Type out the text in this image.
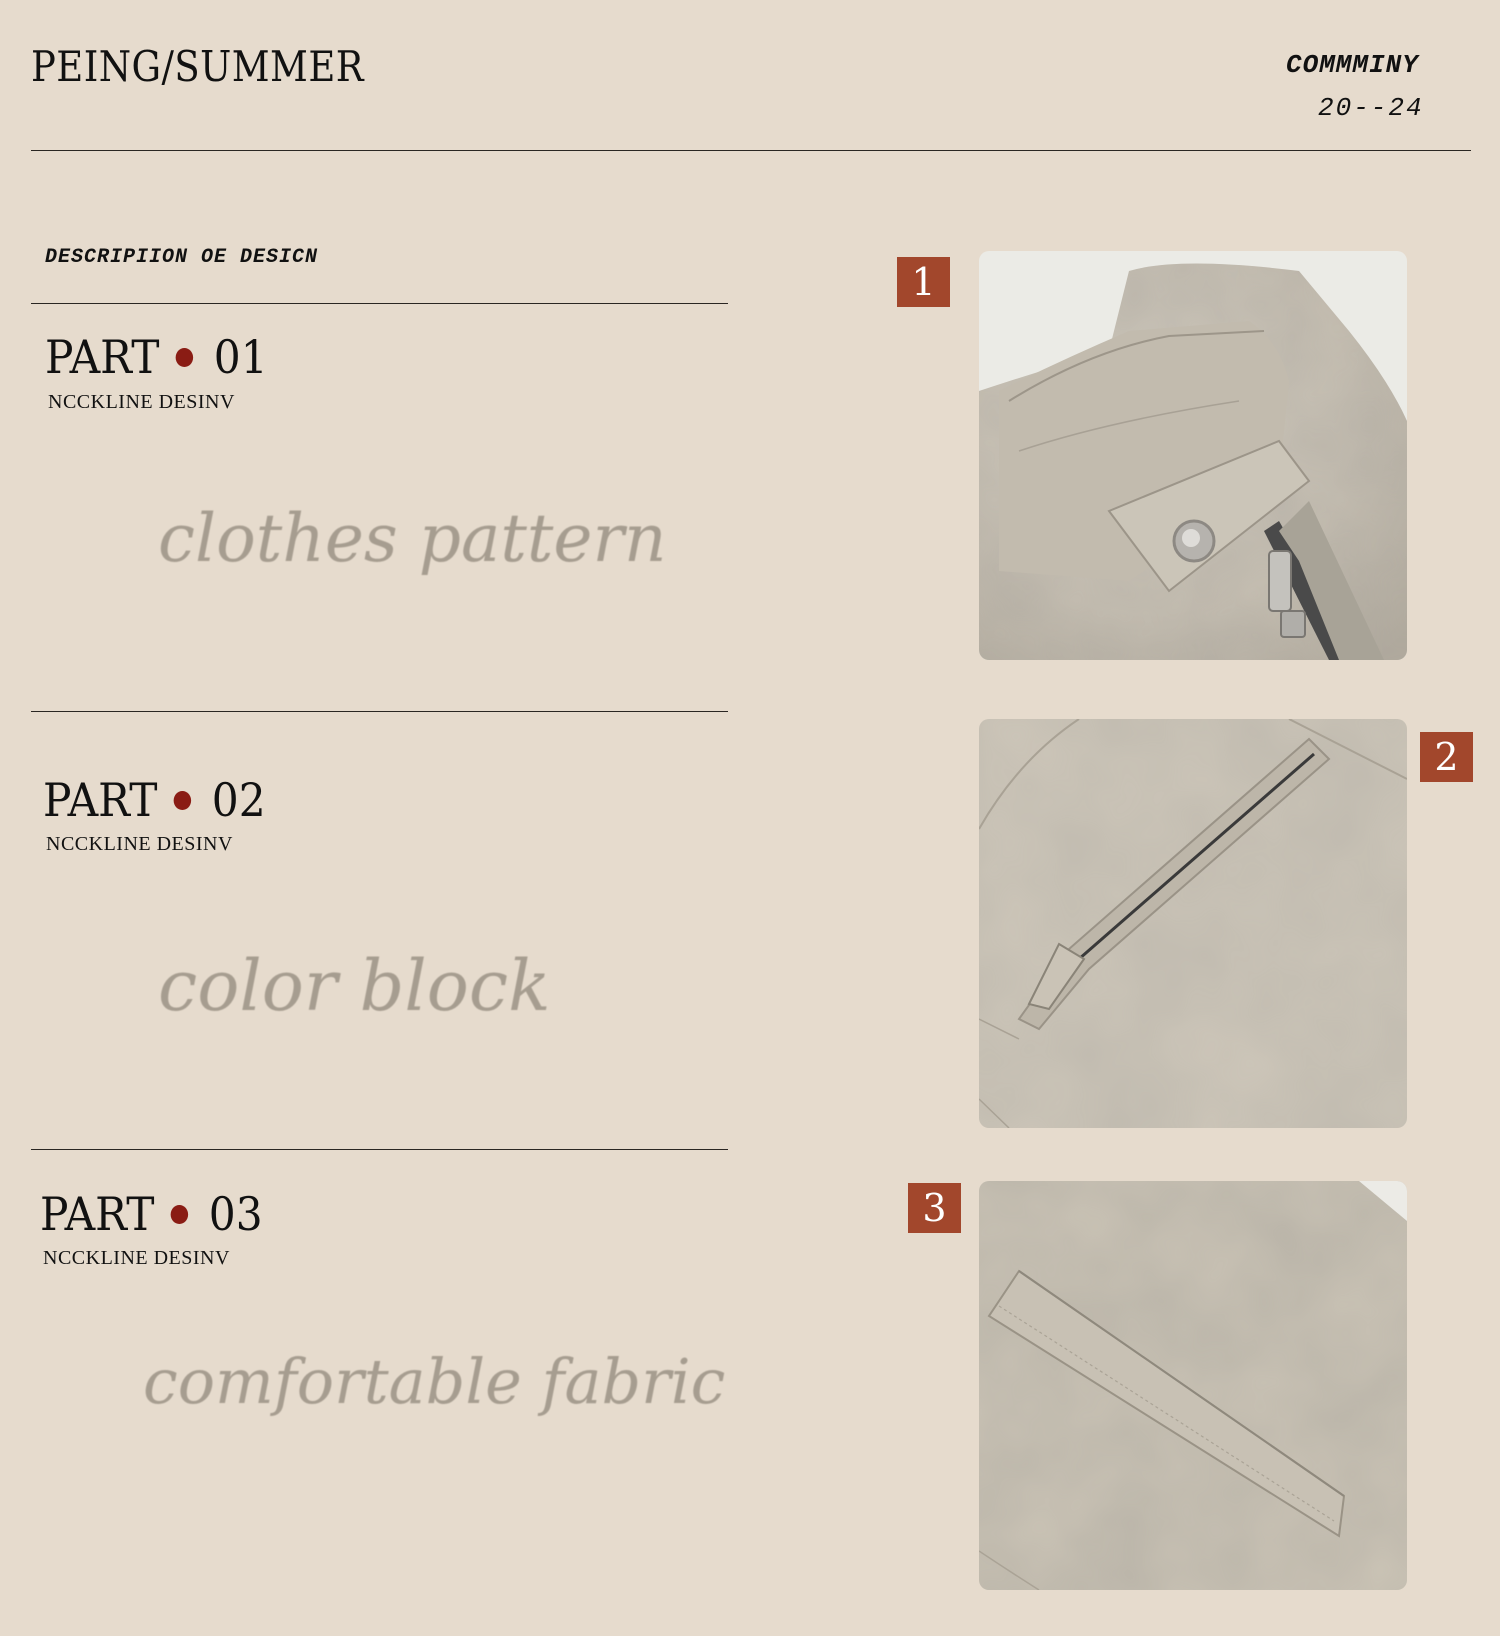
PEING/SUMMER	COMMMINY
20--24
DESCRIPIION OE DESICN
PART 01
NCCKLINE DESINV
clothes pattern
PART 02
NCCKLINE DESINV
color block
PART 03
NCCKLINE DESINV
comfortable fabric
1
2
3
